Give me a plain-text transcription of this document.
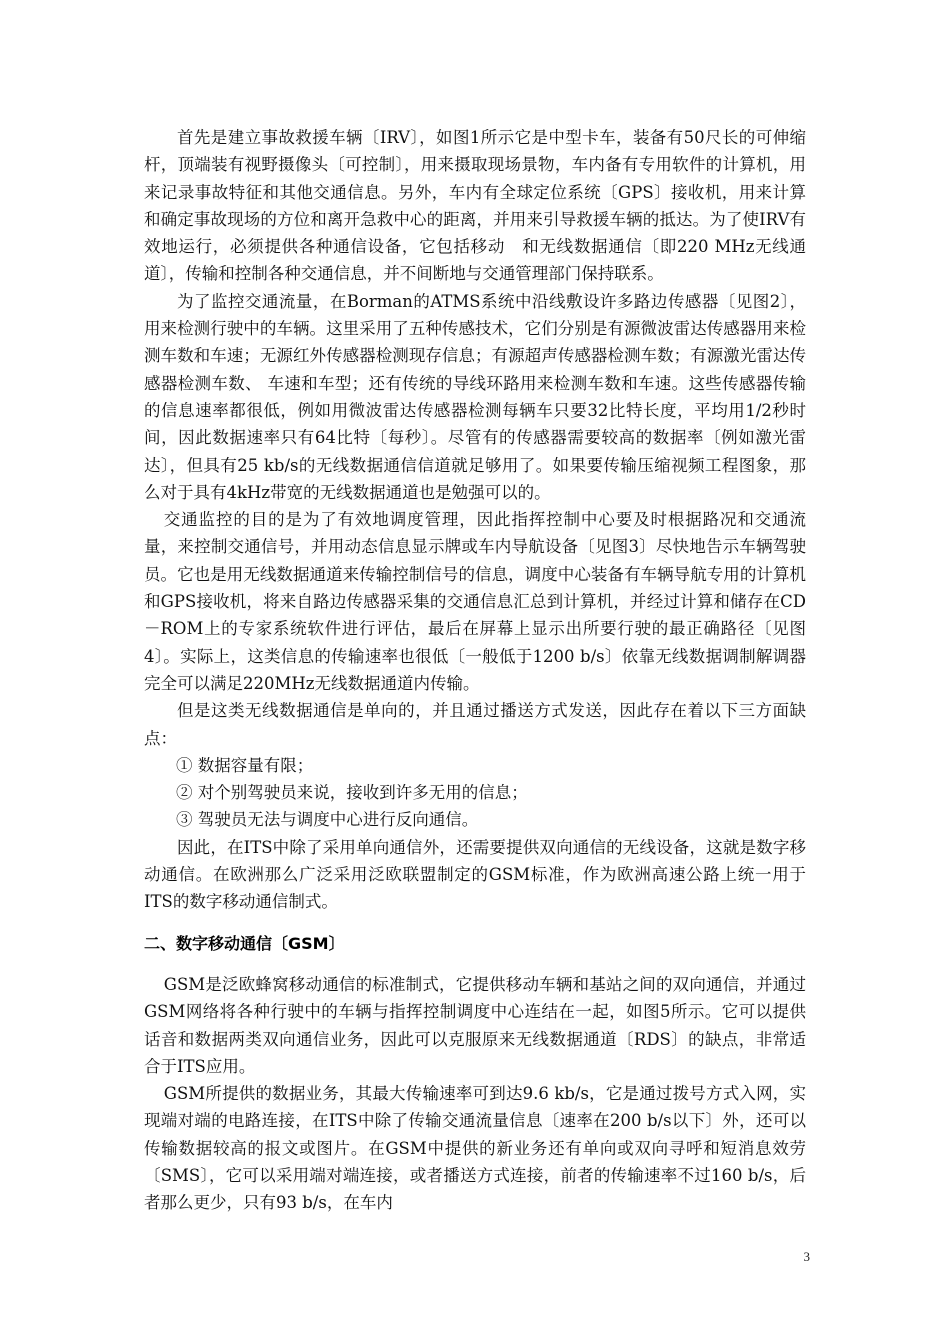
首先是建立事故救援车辆〔IRV〕，如图1所示它是中型卡车，装备有50尺长的可伸缩杆，顶端装有视野摄像头〔可控制〕，用来摄取现场景物，车内备有专用软件的计算机，用来记录事故特征和其他交通信息。另外，车内有全球定位系统〔GPS〕接收机，用来计算和确定事故现场的方位和离开急救中心的距离，并用来引导救援车辆的抵达。为了使IRV有效地运行，必须提供各种通信设备，它包括移动　和无线数据通信〔即220 MHz无线通道〕，传输和控制各种交通信息，并不间断地与交通管理部门保持联系。

为了监控交通流量，在Borman的ATMS系统中沿线敷设许多路边传感器〔见图2〕，用来检测行驶中的车辆。这里采用了五种传感技术，它们分别是有源微波雷达传感器用来检测车数和车速；无源红外传感器检测现存信息；有源超声传感器检测车数；有源激光雷达传感器检测车数、 车速和车型；还有传统的导线环路用来检测车数和车速。这些传感器传输的信息速率都很低，例如用微波雷达传感器检测每辆车只要32比特长度，平均用1/2秒时间，因此数据速率只有64比特〔每秒〕。尽管有的传感器需要较高的数据率〔例如激光雷达〕，但具有25 kb/s的无线数据通信信道就足够用了。如果要传输压缩视频工程图象，那么对于具有4kHz带宽的无线数据通道也是勉强可以的。

交通监控的目的是为了有效地调度管理，因此指挥控制中心要及时根据路况和交通流量，来控制交通信号，并用动态信息显示牌或车内导航设备〔见图3〕尽快地告示车辆驾驶员。它也是用无线数据通道来传输控制信号的信息，调度中心装备有车辆导航专用的计算机和GPS接收机，将来自路边传感器采集的交通信息汇总到计算机，并经过计算和储存在CD－ROM上的专家系统软件进行评估，最后在屏幕上显示出所要行驶的最正确路径〔见图4〕。实际上，这类信息的传输速率也很低〔一般低于1200 b/s〕依靠无线数据调制解调器完全可以满足220MHz无线数据通道内传输。

但是这类无线数据通信是单向的，并且通过播送方式发送，因此存在着以下三方面缺点：

① 数据容量有限；

② 对个别驾驶员来说，接收到许多无用的信息；

③ 驾驶员无法与调度中心进行反向通信。

因此，在ITS中除了采用单向通信外，还需要提供双向通信的无线设备，这就是数字移动通信。在欧洲那么广泛采用泛欧联盟制定的GSM标准，作为欧洲高速公路上统一用于ITS的数字移动通信制式。

二、数字移动通信〔GSM〕

GSM是泛欧蜂窝移动通信的标准制式，它提供移动车辆和基站之间的双向通信，并通过GSM网络将各种行驶中的车辆与指挥控制调度中心连结在一起，如图5所示。它可以提供话音和数据两类双向通信业务，因此可以克服原来无线数据通道〔RDS〕的缺点，非常适合于ITS应用。

GSM所提供的数据业务，其最大传输速率可到达9.6 kb/s，它是通过拨号方式入网，实现端对端的电路连接，在ITS中除了传输交通流量信息〔速率在200 b/s以下〕外，还可以传输数据较高的报文或图片。在GSM中提供的新业务还有单向或双向寻呼和短消息效劳〔SMS〕，它可以采用端对端连接，或者播送方式连接，前者的传输速率不过160 b/s，后者那么更少，只有93 b/s，在车内

3
